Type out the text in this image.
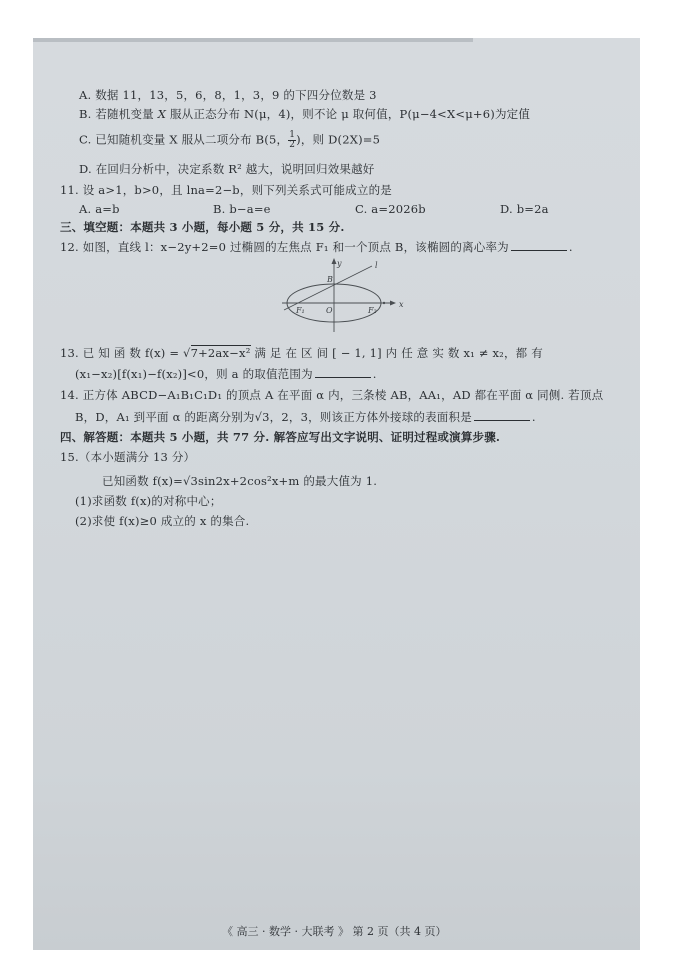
A. 数据 11，13，5，6，8，1，3，9 的下四分位数是 3
B. 若随机变量 X 服从正态分布 N(μ，4)，则不论 μ 取何值，P(μ−4<X<μ+6)为定值
C. 已知随机变量 X 服从二项分布 B(5， $\frac{1}{2}$ )，则 D(2X)=5
D. 在回归分析中，决定系数 R² 越大，说明回归效果越好
11. 设 a>1，b>0，且 lna=2−b，则下列关系式可能成立的是
A. a=b	B. b−a=e	C. a=2026b	D. b=2a
三、填空题：本题共 3 小题，每小题 5 分，共 15 分.
12. 如图，直线 l：x−2y+2=0 过椭圆的左焦点 F₁ 和一个顶点 B，该椭圆的离心率为	.
y
x
B
l
O
F₁	F₂
13. 已 知 函 数 f(x) = √7+2ax−x² 满 足 在 区 间 [ − 1, 1] 内 任 意 实 数 x₁ ≠ x₂，都 有
(x₁−x₂)[f(x₁)−f(x₂)]<0，则 a 的取值范围为	.
14. 正方体 ABCD−A₁B₁C₁D₁ 的顶点 A 在平面 α 内，三条棱 AB，AA₁，AD 都在平面 α 同侧. 若顶点
B，D，A₁ 到平面 α 的距离分别为√3，2，3，则该正方体外接球的表面积是	.
四、解答题：本题共 5 小题，共 77 分. 解答应写出文字说明、证明过程或演算步骤.
15.（本小题满分 13 分）
已知函数 f(x)=√3sin2x+2cos²x+m 的最大值为 1.
(1)求函数 f(x)的对称中心；
(2)求使 f(x)≥0 成立的 x 的集合.
《 高三 · 数学 · 大联考 》 第 2 页（共 4 页）
